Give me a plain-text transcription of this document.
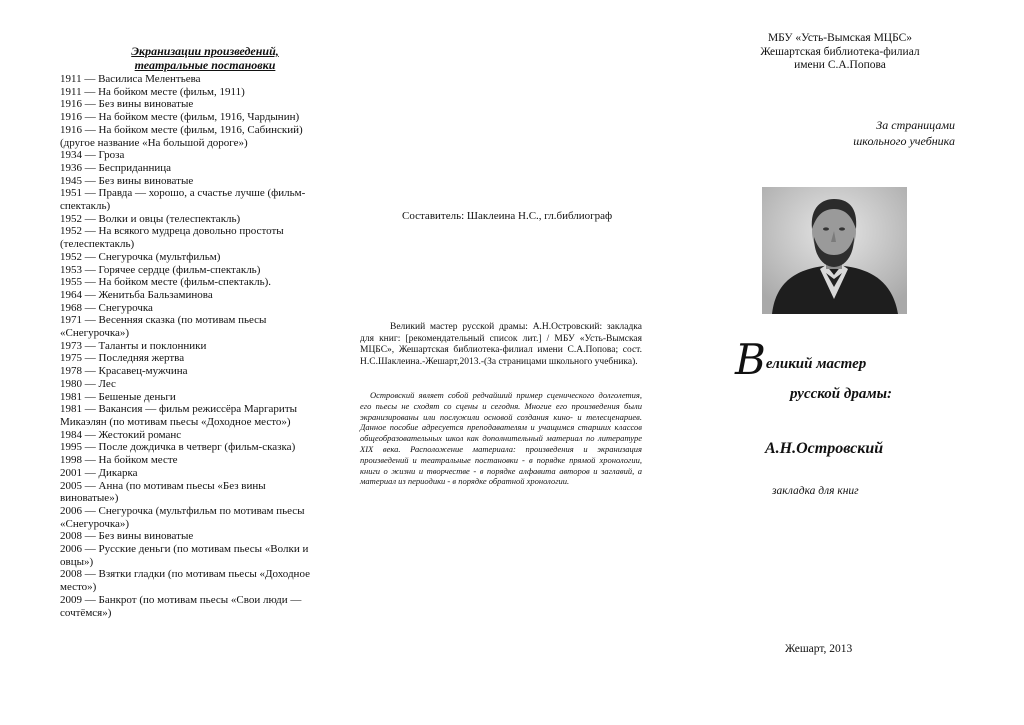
Экранизации произведений,
театральные постановки
1911 — Василиса Мелентьева
1911 — На бойком месте (фильм, 1911)
1916 — Без вины виноватые
1916 — На бойком месте (фильм, 1916, Чардынин)
1916 — На бойком месте (фильм, 1916, Сабинский)
(другое название «На большой дороге»)
1934 — Гроза
1936 — Бесприданница
1945 — Без вины виноватые
1951 — Правда — хорошо, а счастье лучше (фильм-
спектакль)
1952 — Волки и овцы (телеспектакль)
1952 — На всякого мудреца довольно простоты
(телеспектакль)
1952 — Снегурочка (мультфильм)
1953 — Горячее сердце (фильм-спектакль)
1955 — На бойком месте (фильм-спектакль).
1964 — Женитьба Бальзаминова
1968 — Снегурочка
1971 — Весенняя сказка (по мотивам пьесы
«Снегурочка»)
1973 — Таланты и поклонники
1975 — Последняя жертва
1978 — Красавец-мужчина
1980 — Лес
1981 — Бешеные деньги
1981 — Вакансия — фильм режиссёра Маргариты
Микаэлян (по мотивам пьесы «Доходное место»)
1984 — Жестокий романс
1995 — После дождичка в четверг (фильм-сказка)
1998 — На бойком месте
2001 — Дикарка
2005 — Анна (по мотивам пьесы «Без вины
виноватые»)
2006 — Снегурочка (мультфильм по мотивам пьесы
«Снегурочка»)
2008 — Без вины виноватые
2006 — Русские деньги (по мотивам пьесы «Волки и
овцы»)
2008 — Взятки гладки (по мотивам пьесы «Доходное
место»)
2009 — Банкрот (по мотивам пьесы «Свои люди —
сочтёмся»)
Составитель: Шаклеина Н.С., гл.библиограф
Великий мастер русской драмы: А.Н.Островский: закладка для книг: [рекомендательный список лит.] / МБУ «Усть-Вымская МЦБС», Жешартская библиотека-филиал имени С.А.Попова; сост. Н.С.Шаклеина.-Жешарт,2013.-(За страницами школьного учебника).
Островский являет собой редчайший пример сценического долголетия, его пьесы не сходят со сцены и сегодня. Многие его произведения были экранизированы или послужили основой создания кино- и телесценариев. Данное пособие адресуется преподавателям и учащимся старших классов общеобразовательных школ как дополнительный материал по литературе XIX века. Расположение материала: произведения и экранизация произведений и театральные постановки - в порядке прямой хронологии, книги о жизни и творчестве - в порядке алфавита авторов и заглавий, а материал из периодики - в порядке обратной хронологии.
МБУ «Усть-Вымская МЦБС»
Жешартская библиотека-филиал
имени С.А.Попова
За страницами
школьного учебника
Великий мастер
русской драмы:
А.Н.Островский
закладка для книг
Жешарт, 2013
